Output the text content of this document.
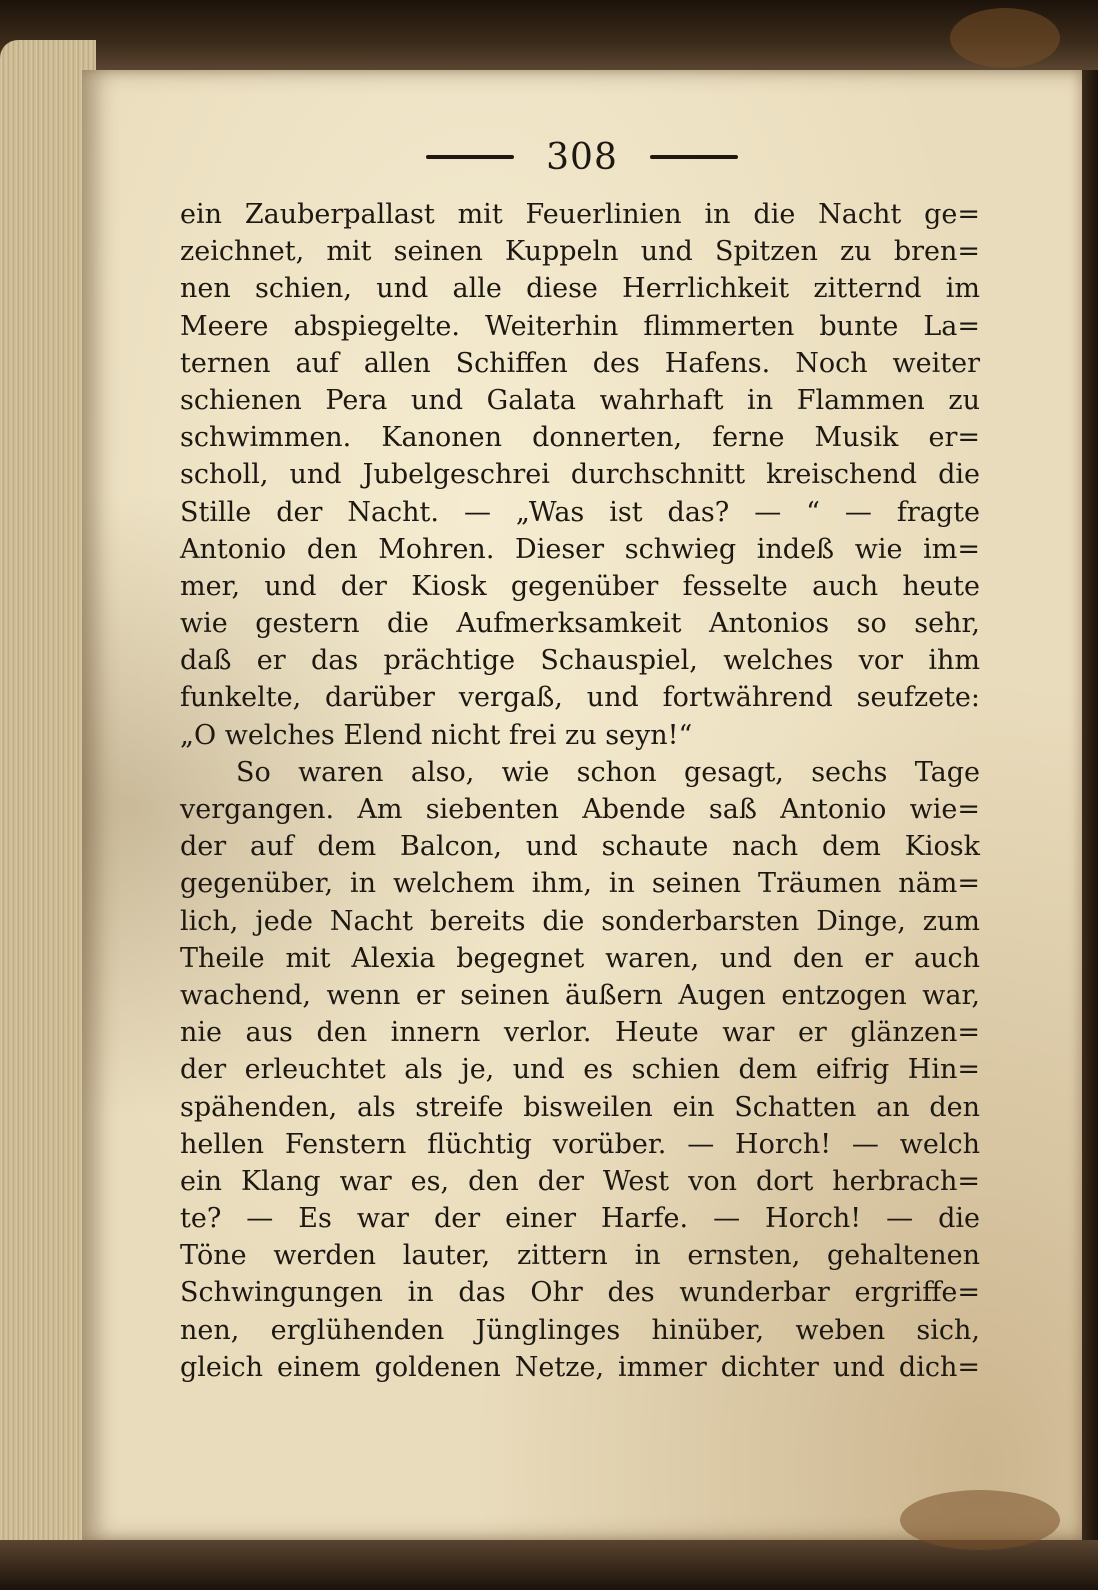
308
ein Zauberpallast mit Feuerlinien in die Nacht ge=
zeichnet, mit seinen Kuppeln und Spitzen zu bren=
nen schien, und alle diese Herrlichkeit zitternd im
Meere abspiegelte. Weiterhin flimmerten bunte La=
ternen auf allen Schiffen des Hafens. Noch weiter
schienen Pera und Galata wahrhaft in Flammen zu
schwimmen. Kanonen donnerten, ferne Musik er=
scholl, und Jubelgeschrei durchschnitt kreischend die
Stille der Nacht. — „Was ist das? — “ — fragte
Antonio den Mohren. Dieser schwieg indeß wie im=
mer, und der Kiosk gegenüber fesselte auch heute
wie gestern die Aufmerksamkeit Antonios so sehr,
daß er das prächtige Schauspiel, welches vor ihm
funkelte, darüber vergaß, und fortwährend seufzete:
„O welches Elend nicht frei zu seyn!“
So waren also, wie schon gesagt, sechs Tage
vergangen. Am siebenten Abende saß Antonio wie=
der auf dem Balcon, und schaute nach dem Kiosk
gegenüber, in welchem ihm, in seinen Träumen näm=
lich, jede Nacht bereits die sonderbarsten Dinge, zum
Theile mit Alexia begegnet waren, und den er auch
wachend, wenn er seinen äußern Augen entzogen war,
nie aus den innern verlor. Heute war er glänzen=
der erleuchtet als je, und es schien dem eifrig Hin=
spähenden, als streife bisweilen ein Schatten an den
hellen Fenstern flüchtig vorüber. — Horch! — welch
ein Klang war es, den der West von dort herbrach=
te? — Es war der einer Harfe. — Horch! — die
Töne werden lauter, zittern in ernsten, gehaltenen
Schwingungen in das Ohr des wunderbar ergriffe=
nen, erglühenden Jünglinges hinüber, weben sich,
gleich einem goldenen Netze, immer dichter und dich=
